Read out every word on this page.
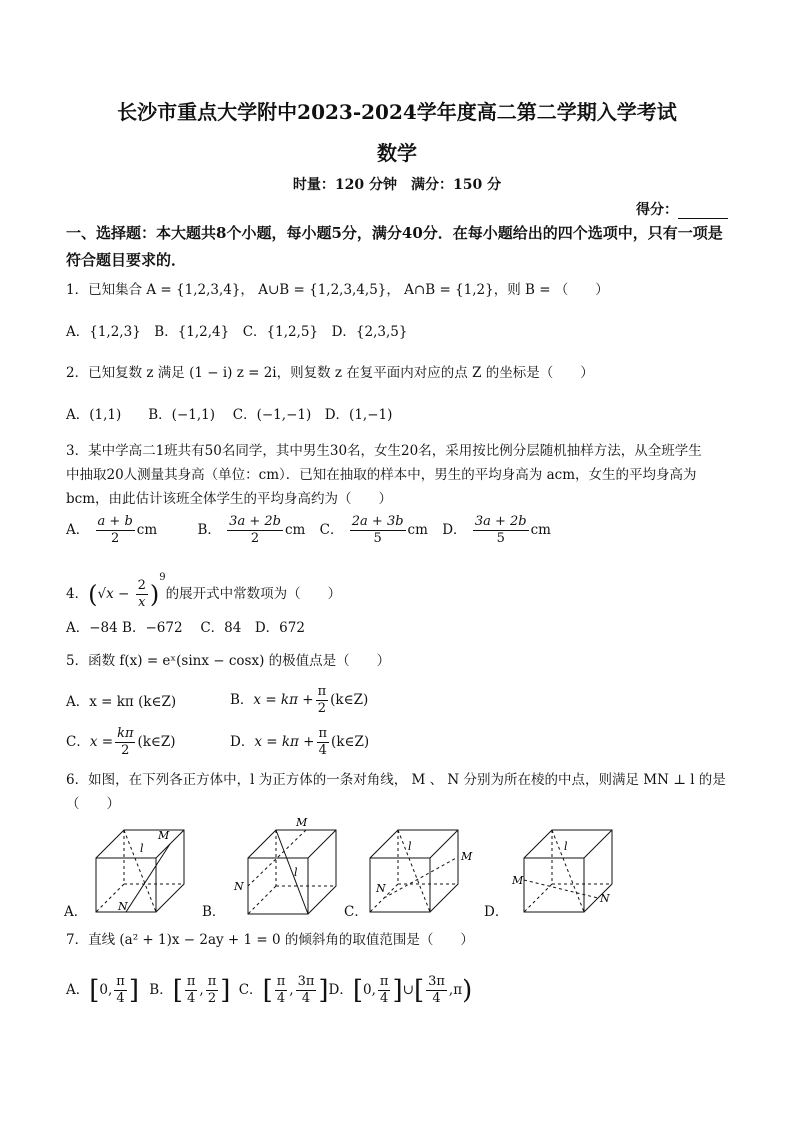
长沙市重点大学附中2023-2024学年度高二第二学期入学考试
数学
时量：120 分钟　满分：150 分
得分：
一、选择题：本大题共8个小题，每小题5分，满分40分．在每小题给出的四个选项中，只有一项是符合题目要求的．
1．已知集合 A = {1,2,3,4}， A∪B = {1,2,3,4,5}， A∩B = {1,2}，则 B = （　　）
A．{1,2,3}　B．{1,2,4}　C．{1,2,5}　D．{2,3,5}
2．已知复数 z 满足 (1 − i) z = 2i，则复数 z 在复平面内对应的点 Z 的坐标是（　　）
A．(1,1)　　B．(−1,1)　 C．(−1,−1)　D．(1,−1)
3．某中学高二1班共有50名同学，其中男生30名，女生20名，采用按比例分层随机抽样方法，从全班学生
中抽取20人测量其身高（单位：cm）．已知在抽取的样本中，男生的平均身高为 acm，女生的平均身高为
bcm，由此估计该班全体学生的平均身高约为（　　）
A． $\frac{a + b}{2}$ cm	B． $\frac{3a + 2b}{2}$ cm C． $\frac{2a + 3b}{5}$ cm D． $\frac{3a + 2b}{5}$ cm
4．$(√x - \frac{2}{x} )^9$的展开式中常数项为（　　）
A．−84 B．−672　 C．84　D．672
5．函数 f(x) = eˣ(sinx − cosx) 的极值点是（　　）
A．x = kπ (k∈Z)	B．$x = k\pi + \frac{\pi}{2}$ (k∈Z)
C．$x = \frac{k\pi}{2}$ (k∈Z)	D．$x = k\pi + \frac{\pi}{4}$ (k∈Z)
6．如图，在下列各正方体中，l 为正方体的一条对角线， M 、 N 分别为所在棱的中点，则满足 MN ⊥ l 的是
（　　）
A．
M
l
N	B．
M
l
N
C．
M
l
N
D．
M
l
N
7．直线 (a² + 1)x − 2ay + 1 = 0 的倾斜角的取值范围是（　　）
A．[0, $\frac{\pi}{4}$ ] B．[ $\frac{\pi}{4}$ , $\frac{\pi}{2}$ ] C．[ $\frac{\pi}{4}$ , $\frac{3\pi}{4} ]D$．[0, $\frac{\pi}{4}$ ]∪[ $\frac{3\pi}{4} ,\pi$)
